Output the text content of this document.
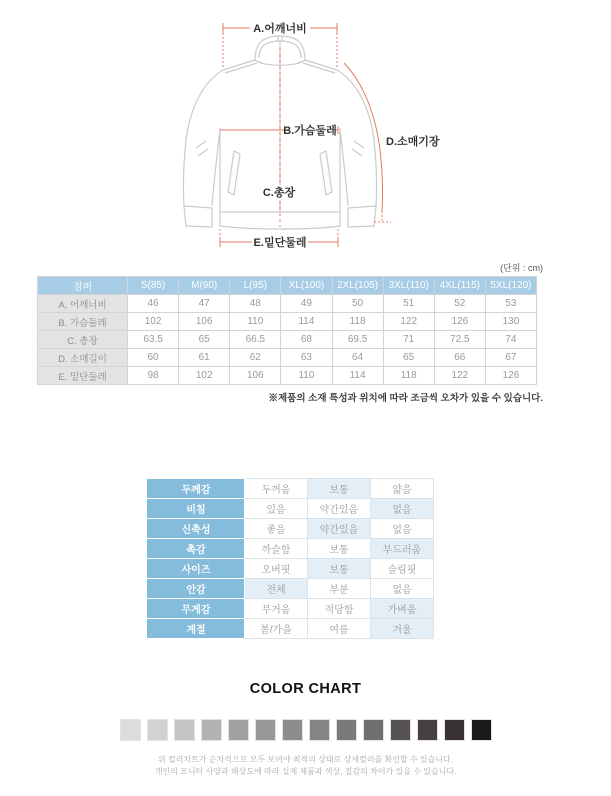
A.어깨너비
B.가슴둘레
C.총장
D.소매기장
E.밑단둘레
(단위 : cm)
점퍼	S(85)	M(90)	L(95)	XL(100)	2XL(105)	3XL(110)	4XL(115)	5XL(120)
A. 어깨너비	46	47	48	49	50	51	52	53
B. 가슴둘레	102	106	110	114	118	122	126	130
C. 총장	63.5	65	66.5	68	69.5	71	72.5	74
D. 소매길이	60	61	62	63	64	65	66	67
E. 밑단둘레	98	102	106	110	114	118	122	126
※제품의 소재 특성과 위치에 따라 조금씩 오차가 있을 수 있습니다.
두께감	두꺼움	보통	얇음
비침	있음	약간있음	없음
신축성	좋음	약간있음	없음
촉감	까슬함	보통	부드러움
사이즈	오버핏	보통	슬림핏
안감	전체	부분	없음
무게감	무거움	적당함	가벼움
계절	봄/가을	여름	겨울
COLOR CHART
위 컬러차트가 순차적으로 모두 보여야 최적의 상태로 상세컬러를 확인할 수 있습니다.
개인의 모니터 사양과 해상도에 따라 실제 제품과 색상, 질감의 차이가 있을 수 있습니다.
